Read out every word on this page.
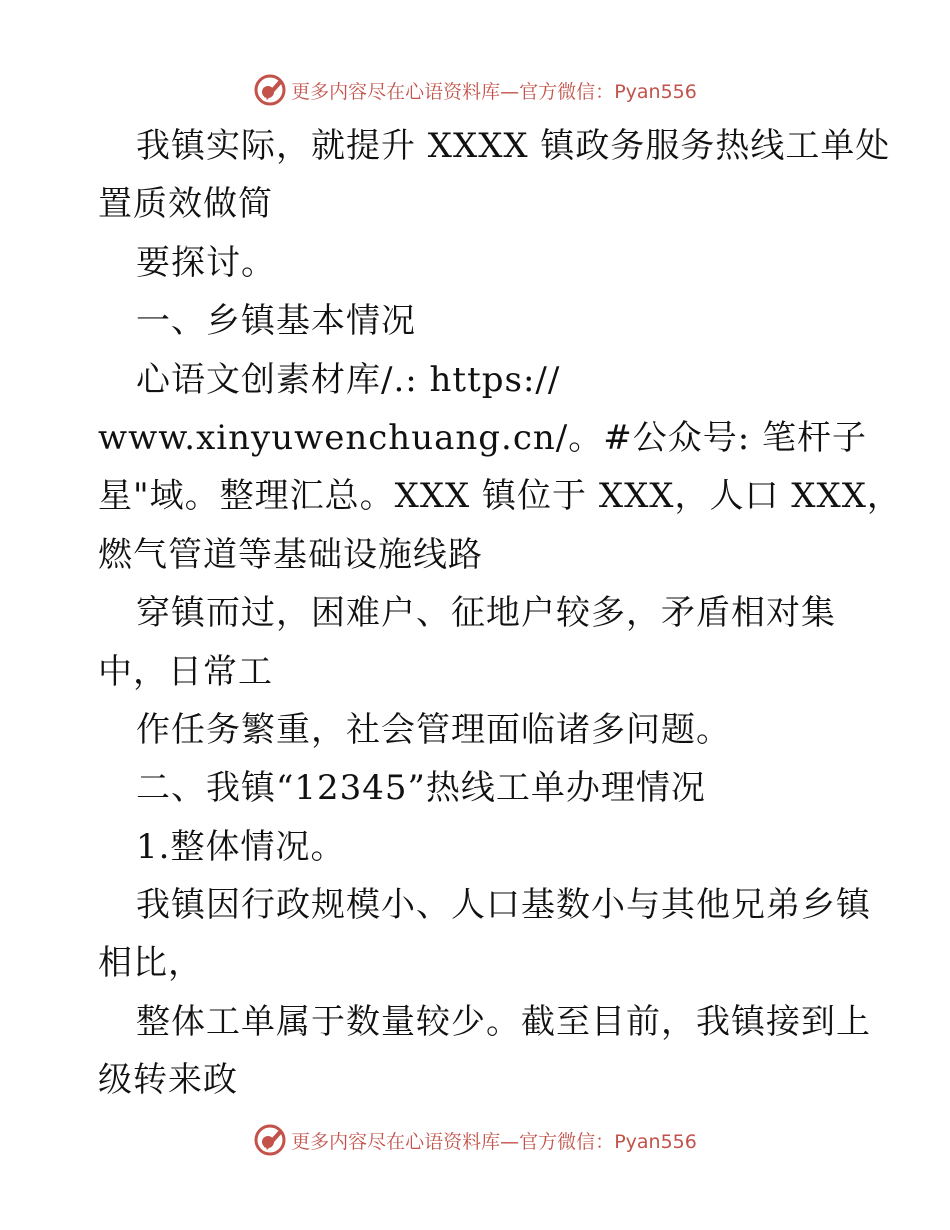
更多内容尽在心语资料库—官方微信：Pyan556
我镇实际，就提升 XXXX 镇政务服务热线工单处
置质效做简
要探讨。
一、乡镇基本情况
心语文创素材库/.: https://
www.xinyuwenchuang.cn/。#公众号: 笔杆子
星"域。整理汇总。XXX 镇位于 XXX，人口 XXX，
燃气管道等基础设施线路
穿镇而过，困难户、征地户较多，矛盾相对集
中，日常工
作任务繁重，社会管理面临诸多问题。
二、我镇“12345”热线工单办理情况
1.整体情况。
我镇因行政规模小、人口基数小与其他兄弟乡镇
相比，
整体工单属于数量较少。截至目前，我镇接到上
级转来政
更多内容尽在心语资料库—官方微信：Pyan556
